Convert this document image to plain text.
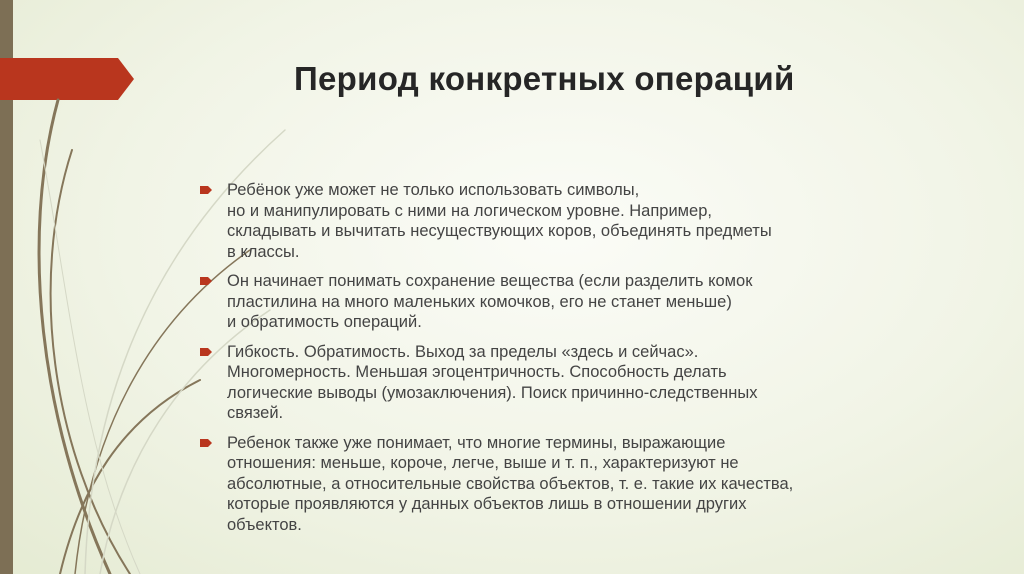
Период конкретных операций
Ребёнок уже может не только использовать символы,
но и манипулировать с ними на логическом уровне. Например,
складывать и вычитать несуществующих коров, объединять предметы
в классы.
Он начинает понимать сохранение вещества (если разделить комок
пластилина на много маленьких комочков, его не станет меньше)
и обратимость операций.
Гибкость. Обратимость. Выход за пределы «здесь и сейчас».
Многомерность. Меньшая эгоцентричность. Способность делать
логические выводы (умозаключения). Поиск причинно-следственных
связей.
Ребенок также уже понимает, что многие термины, выражающие
отношения: меньше, короче, легче, выше и т. п., характеризуют не
абсолютные, а относительные свойства объектов, т. е. такие их качества,
которые проявляются у данных объектов лишь в отношении других
объектов.
